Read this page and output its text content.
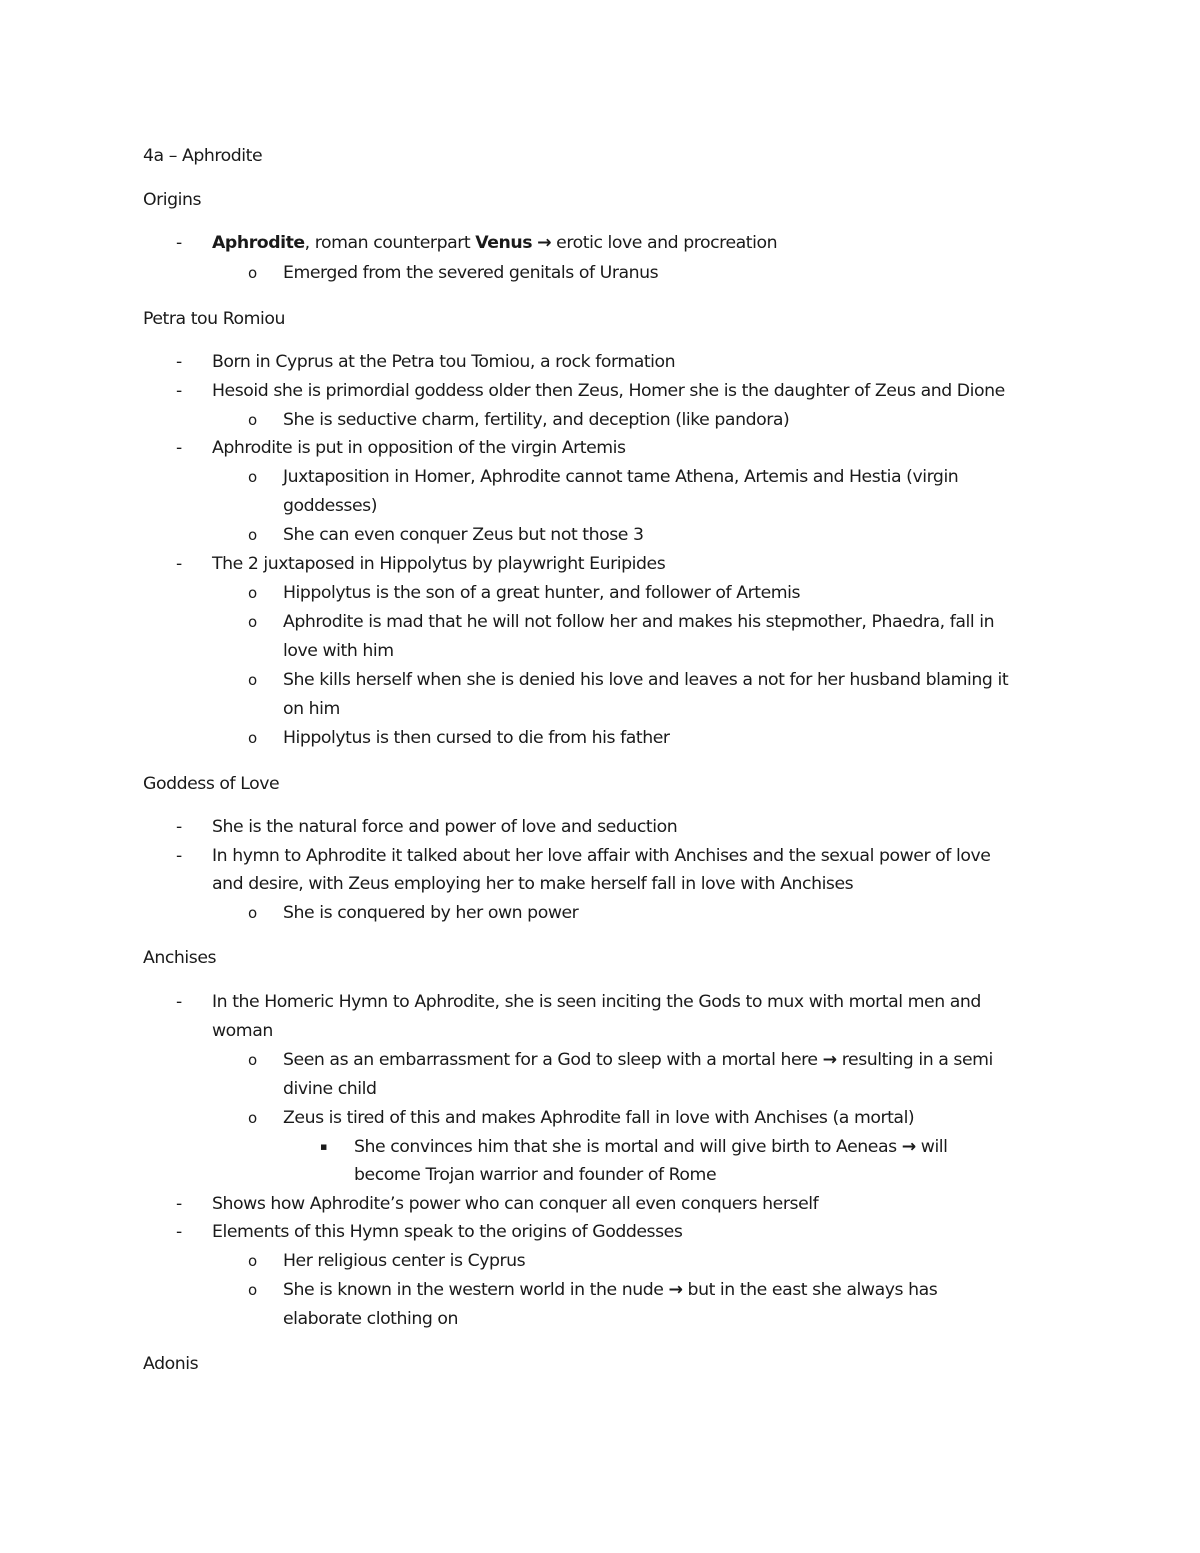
4a – Aphrodite
Origins
-	Aphrodite, roman counterpart Venus → erotic love and procreation
o Emerged from the severed genitals of Uranus
Petra tou Romiou
-	Born in Cyprus at the Petra tou Tomiou, a rock formation
-	Hesoid she is primordial goddess older then Zeus, Homer she is the daughter of Zeus and Dione
o She is seductive charm, fertility, and deception (like pandora)
-	Aphrodite is put in opposition of the virgin Artemis
o Juxtaposition in Homer, Aphrodite cannot tame Athena, Artemis and Hestia (virgin
goddesses)
o She can even conquer Zeus but not those 3
-	The 2 juxtaposed in Hippolytus by playwright Euripides
o Hippolytus is the son of a great hunter, and follower of Artemis
o Aphrodite is mad that he will not follow her and makes his stepmother, Phaedra, fall in
love with him
o She kills herself when she is denied his love and leaves a not for her husband blaming it
on him
o Hippolytus is then cursed to die from his father
Goddess of Love
-	She is the natural force and power of love and seduction
-	In hymn to Aphrodite it talked about her love affair with Anchises and the sexual power of love
and desire, with Zeus employing her to make herself fall in love with Anchises
o She is conquered by her own power
Anchises
-	In the Homeric Hymn to Aphrodite, she is seen inciting the Gods to mux with mortal men and
woman
o Seen as an embarrassment for a God to sleep with a mortal here → resulting in a semi
divine child
o Zeus is tired of this and makes Aphrodite fall in love with Anchises (a mortal)
▪ She convinces him that she is mortal and will give birth to Aeneas → will
become Trojan warrior and founder of Rome
-	Shows how Aphrodite’s power who can conquer all even conquers herself
-	Elements of this Hymn speak to the origins of Goddesses
o Her religious center is Cyprus
o She is known in the western world in the nude → but in the east she always has
elaborate clothing on
Adonis
